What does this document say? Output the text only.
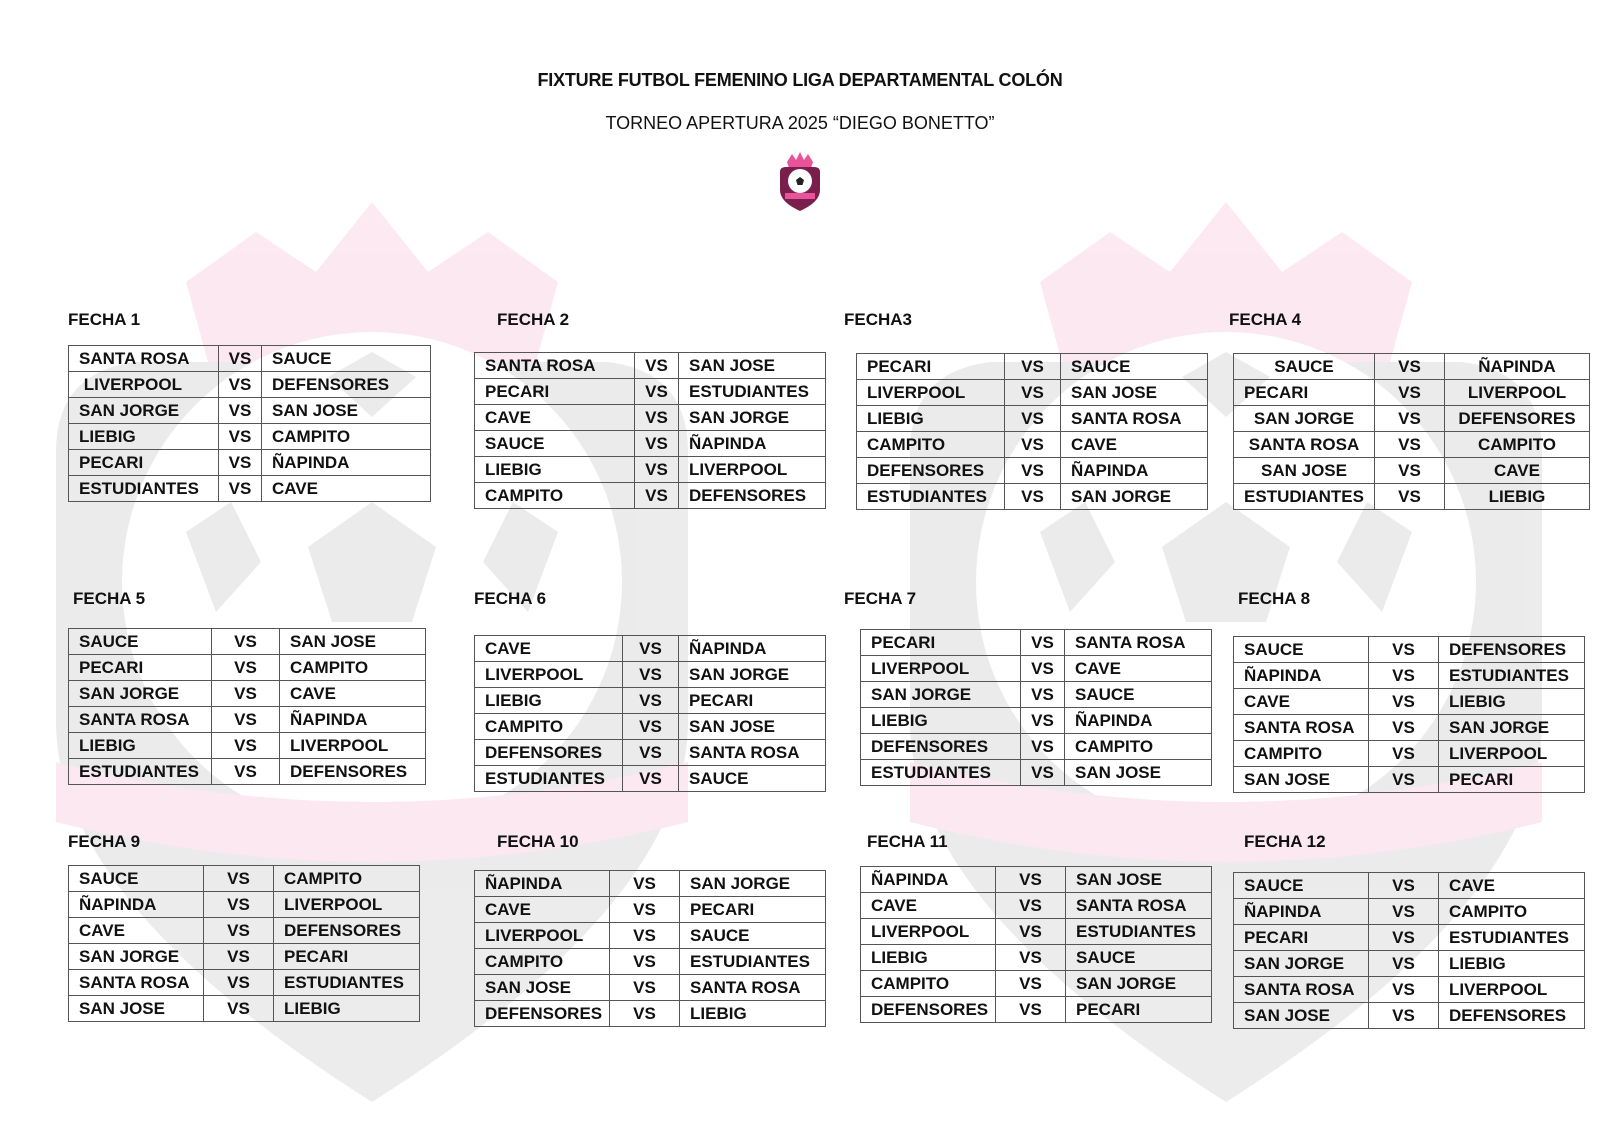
FIXTURE FUTBOL FEMENINO LIGA DEPARTAMENTAL COLÓN
TORNEO APERTURA 2025 “DIEGO BONETTO”
FECHA 1
SANTA ROSA	VS	SAUCE
LIVERPOOL	VS	DEFENSORES
SAN JORGE	VS	SAN JOSE
LIEBIG	VS	CAMPITO
PECARI	VS	ÑAPINDA
ESTUDIANTES	VS	CAVE
FECHA 2
SANTA ROSA	VS	SAN JOSE
PECARI	VS	ESTUDIANTES
CAVE	VS	SAN JORGE
SAUCE	VS	ÑAPINDA
LIEBIG	VS	LIVERPOOL
CAMPITO	VS	DEFENSORES
FECHA3
PECARI	VS	SAUCE
LIVERPOOL	VS	SAN JOSE
LIEBIG	VS	SANTA ROSA
CAMPITO	VS	CAVE
DEFENSORES	VS	ÑAPINDA
ESTUDIANTES	VS	SAN JORGE
FECHA 4
SAUCE	VS	ÑAPINDA
PECARI	VS	LIVERPOOL
SAN JORGE	VS	DEFENSORES
SANTA ROSA	VS	CAMPITO
SAN JOSE	VS	CAVE
ESTUDIANTES	VS	LIEBIG
FECHA 5
SAUCE	VS	SAN JOSE
PECARI	VS	CAMPITO
SAN JORGE	VS	CAVE
SANTA ROSA	VS	ÑAPINDA
LIEBIG	VS	LIVERPOOL
ESTUDIANTES	VS	DEFENSORES
FECHA 6
CAVE	VS	ÑAPINDA
LIVERPOOL	VS	SAN JORGE
LIEBIG	VS	PECARI
CAMPITO	VS	SAN JOSE
DEFENSORES	VS	SANTA ROSA
ESTUDIANTES	VS	SAUCE
FECHA 7
PECARI	VS	SANTA ROSA
LIVERPOOL	VS	CAVE
SAN JORGE	VS	SAUCE
LIEBIG	VS	ÑAPINDA
DEFENSORES	VS	CAMPITO
ESTUDIANTES	VS	SAN JOSE
FECHA 8
SAUCE	VS	DEFENSORES
ÑAPINDA	VS	ESTUDIANTES
CAVE	VS	LIEBIG
SANTA ROSA	VS	SAN JORGE
CAMPITO	VS	LIVERPOOL
SAN JOSE	VS	PECARI
FECHA 9
SAUCE	VS	CAMPITO
ÑAPINDA	VS	LIVERPOOL
CAVE	VS	DEFENSORES
SAN JORGE	VS	PECARI
SANTA ROSA	VS	ESTUDIANTES
SAN JOSE	VS	LIEBIG
FECHA 10
ÑAPINDA	VS	SAN JORGE
CAVE	VS	PECARI
LIVERPOOL	VS	SAUCE
CAMPITO	VS	ESTUDIANTES
SAN JOSE	VS	SANTA ROSA
DEFENSORES	VS	LIEBIG
FECHA 11
ÑAPINDA	VS	SAN JOSE
CAVE	VS	SANTA ROSA
LIVERPOOL	VS	ESTUDIANTES
LIEBIG	VS	SAUCE
CAMPITO	VS	SAN JORGE
DEFENSORES	VS	PECARI
FECHA 12
SAUCE	VS	CAVE
ÑAPINDA	VS	CAMPITO
PECARI	VS	ESTUDIANTES
SAN JORGE	VS	LIEBIG
SANTA ROSA	VS	LIVERPOOL
SAN JOSE	VS	DEFENSORES
